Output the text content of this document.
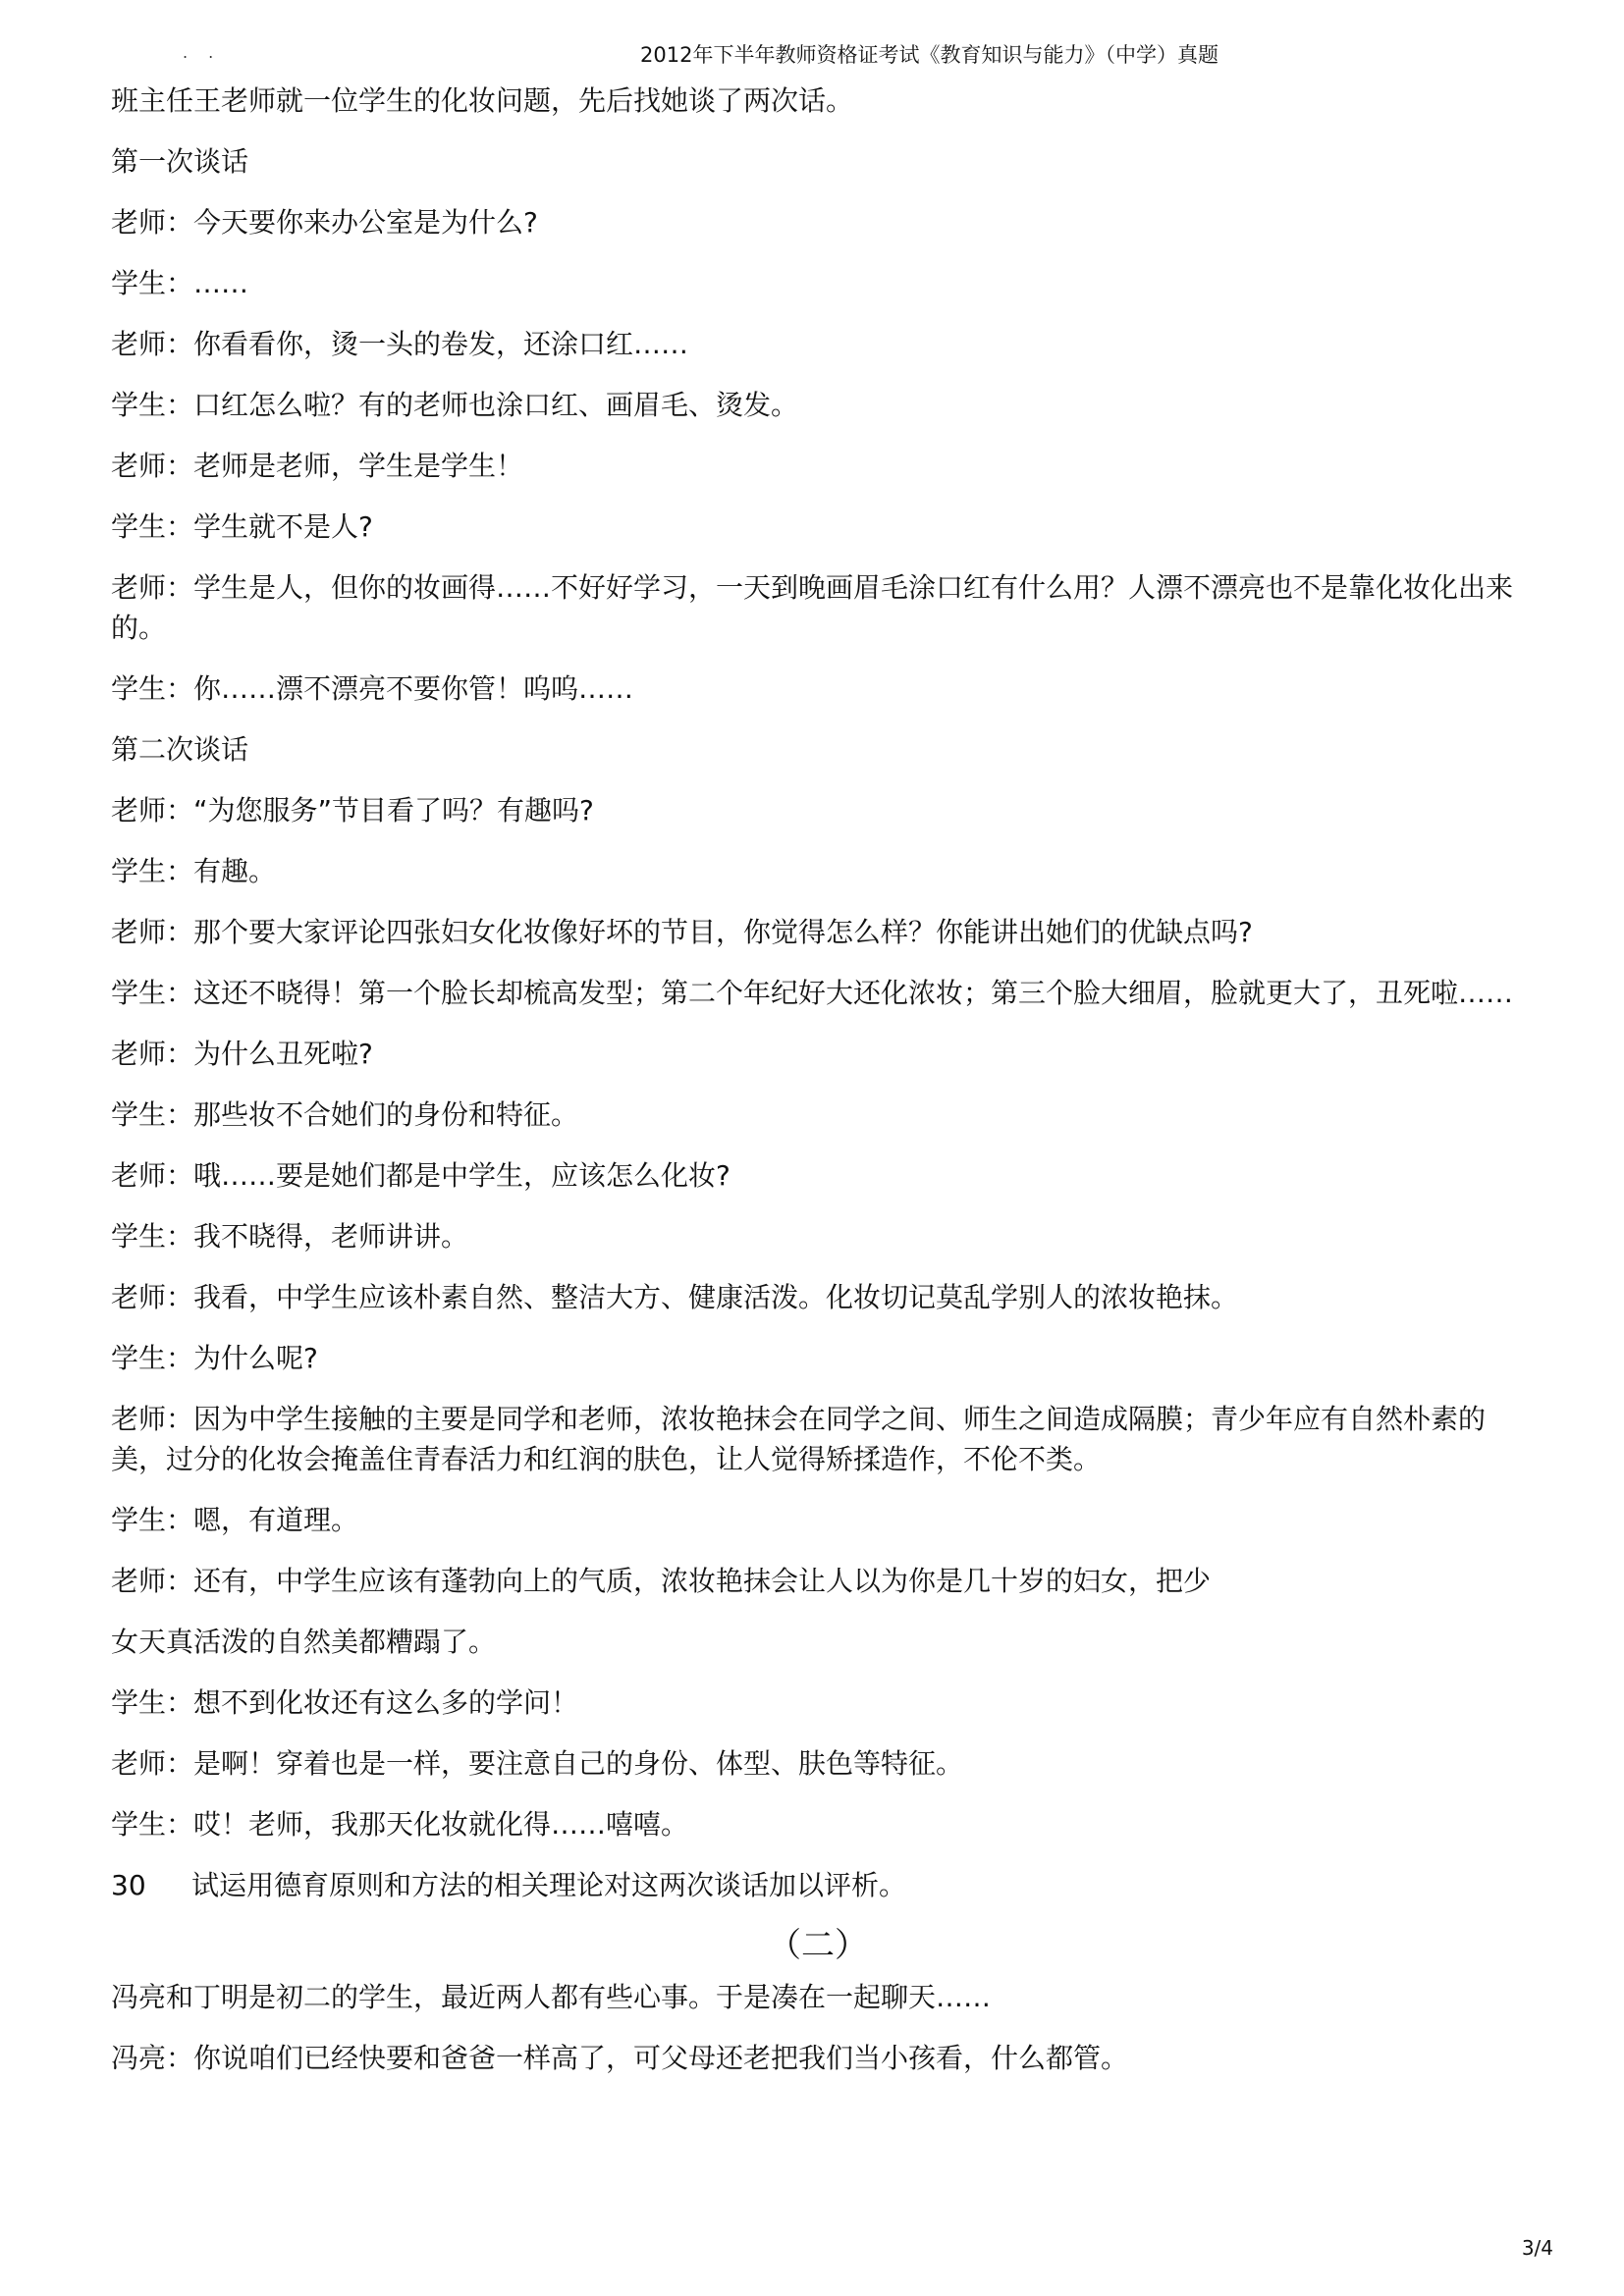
. .	2012年下半年教师资格证考试《教育知识与能力》（中学）真题

班主任王老师就一位学生的化妆问题，先后找她谈了两次话。

第一次谈话

老师：今天要你来办公室是为什么?

学生：……

老师：你看看你，烫一头的卷发，还涂口红……

学生：口红怎么啦？有的老师也涂口红、画眉毛、烫发。

老师：老师是老师，学生是学生！

学生：学生就不是人?

老师：学生是人，但你的妆画得……不好好学习，一天到晚画眉毛涂口红有什么用？人漂不漂亮也不是靠化妆化出来的。

学生：你……漂不漂亮不要你管！呜呜……

第二次谈话

老师：“为您服务”节目看了吗？有趣吗?

学生：有趣。

老师：那个要大家评论四张妇女化妆像好坏的节目，你觉得怎么样？你能讲出她们的优缺点吗?

学生：这还不晓得！第一个脸长却梳高发型；第二个年纪好大还化浓妆；第三个脸大细眉，脸就更大了，丑死啦……

老师：为什么丑死啦?

学生：那些妆不合她们的身份和特征。

老师：哦……要是她们都是中学生，应该怎么化妆?

学生：我不晓得，老师讲讲。

老师：我看，中学生应该朴素自然、整洁大方、健康活泼。化妆切记莫乱学别人的浓妆艳抹。

学生：为什么呢?

老师：因为中学生接触的主要是同学和老师，浓妆艳抹会在同学之间、师生之间造成隔膜；青少年应有自然朴素的美，过分的化妆会掩盖住青春活力和红润的肤色，让人觉得矫揉造作，不伦不类。

学生：嗯，有道理。

老师：还有，中学生应该有蓬勃向上的气质，浓妆艳抹会让人以为你是几十岁的妇女，把少

女天真活泼的自然美都糟蹋了。

学生：想不到化妆还有这么多的学问！

老师：是啊！穿着也是一样，要注意自己的身份、体型、肤色等特征。

学生：哎！老师，我那天化妆就化得……嘻嘻。

30	试运用德育原则和方法的相关理论对这两次谈话加以评析。
（二）

冯亮和丁明是初二的学生，最近两人都有些心事。于是凑在一起聊天……

冯亮：你说咱们已经快要和爸爸一样高了，可父母还老把我们当小孩看，什么都管。

3/4
